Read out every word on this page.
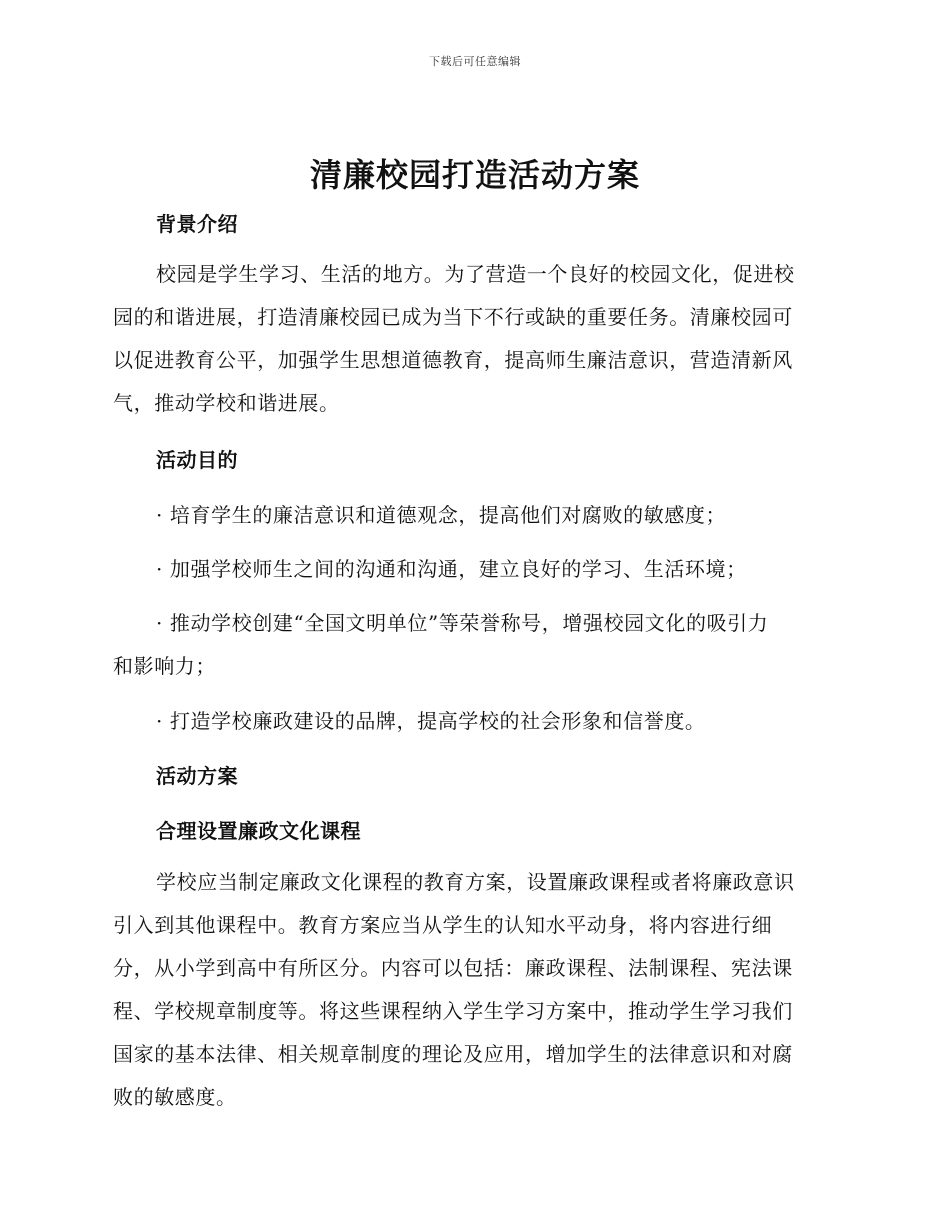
下载后可任意编辑
清廉校园打造活动方案
背景介绍
校园是学生学习、生活的地方。为了营造一个良好的校园文化，促进校
园的和谐进展，打造清廉校园已成为当下不行或缺的重要任务。清廉校园可
以促进教育公平，加强学生思想道德教育，提高师生廉洁意识，营造清新风
气，推动学校和谐进展。
活动目的
· 培育学生的廉洁意识和道德观念，提高他们对腐败的敏感度；
· 加强学校师生之间的沟通和沟通，建立良好的学习、生活环境；
· 推动学校创建“全国文明单位”等荣誉称号，增强校园文化的吸引力
和影响力；
· 打造学校廉政建设的品牌，提高学校的社会形象和信誉度。
活动方案
合理设置廉政文化课程
学校应当制定廉政文化课程的教育方案，设置廉政课程或者将廉政意识
引入到其他课程中。教育方案应当从学生的认知水平动身，将内容进行细
分，从小学到高中有所区分。内容可以包括：廉政课程、法制课程、宪法课
程、学校规章制度等。将这些课程纳入学生学习方案中，推动学生学习我们
国家的基本法律、相关规章制度的理论及应用，增加学生的法律意识和对腐
败的敏感度。
